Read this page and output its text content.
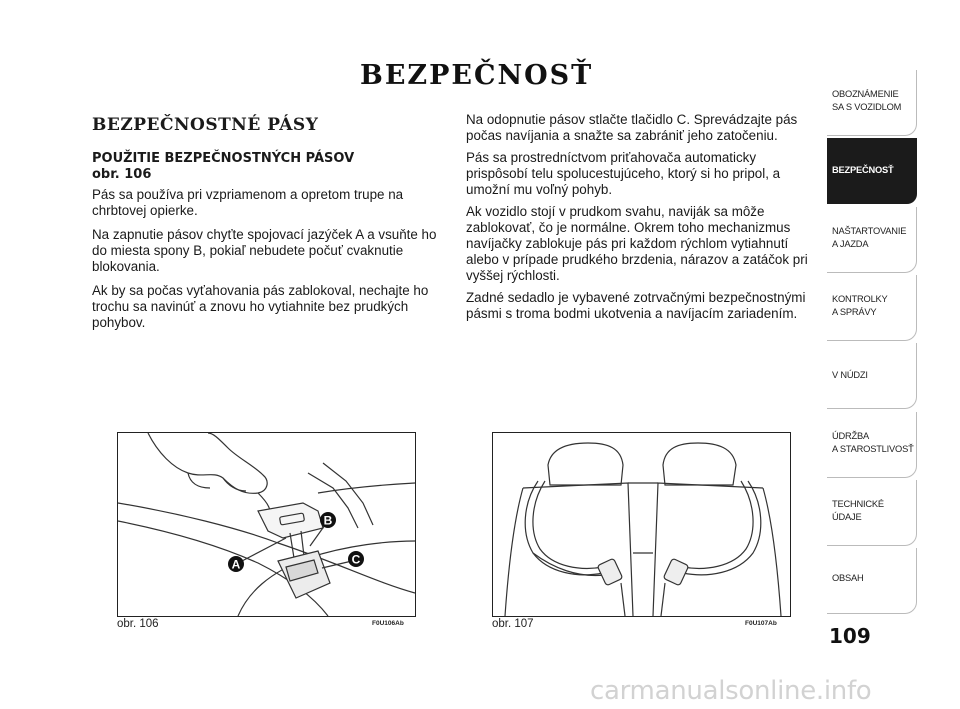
BEZPEČNOSŤ
BEZPEČNOSTNÉ PÁSY
POUŽITIE BEZPEČNOSTNÝCH PÁSOV
obr. 106
Pás sa používa pri vzpriamenom a opretom trupe na chrbtovej opierke.
Na zapnutie pásov chyťte spojovací jazýček A a vsuňte ho do miesta spony B, pokiaľ nebudete počuť cvaknutie blokovania.
Ak by sa počas vyťahovania pás zablokoval, nechajte ho trochu sa navinúť a znovu ho vytiahnite bez prudkých pohybov.
Na odopnutie pásov stlačte tlačidlo C. Sprevádzajte pás počas navíjania a snažte sa zabrániť jeho zatočeniu.
Pás sa prostredníctvom priťahovača automaticky prispôsobí telu spolucestujúceho, ktorý si ho pripol, a umožní mu voľný pohyb.
Ak vozidlo stojí v prudkom svahu, naviják sa môže zablokovať, čo je normálne. Okrem toho mechanizmus navíjačky zablokuje pás pri každom rýchlom vytiahnutí alebo v prípade prudkého brzdenia, nárazov a zatáčok pri vyššej rýchlosti.
Zadné sedadlo je vybavené zotrvačnými bezpečnostnými pásmi s troma bodmi ukotvenia a navíjacím zariadením.
A
B
C
obr. 106	F0U106Ab	obr. 107	F0U107Ab
OBOZNÁMENIE
SA S VOZIDLOM
BEZPEČNOSŤ
NAŠTARTOVANIE
A JAZDA
KONTROLKY
A SPRÁVY
V NÚDZI
ÚDRŽBA
A STAROSTLIVOSŤ
TECHNICKÉ
ÚDAJE
OBSAH
109
carmanualsonline.info
